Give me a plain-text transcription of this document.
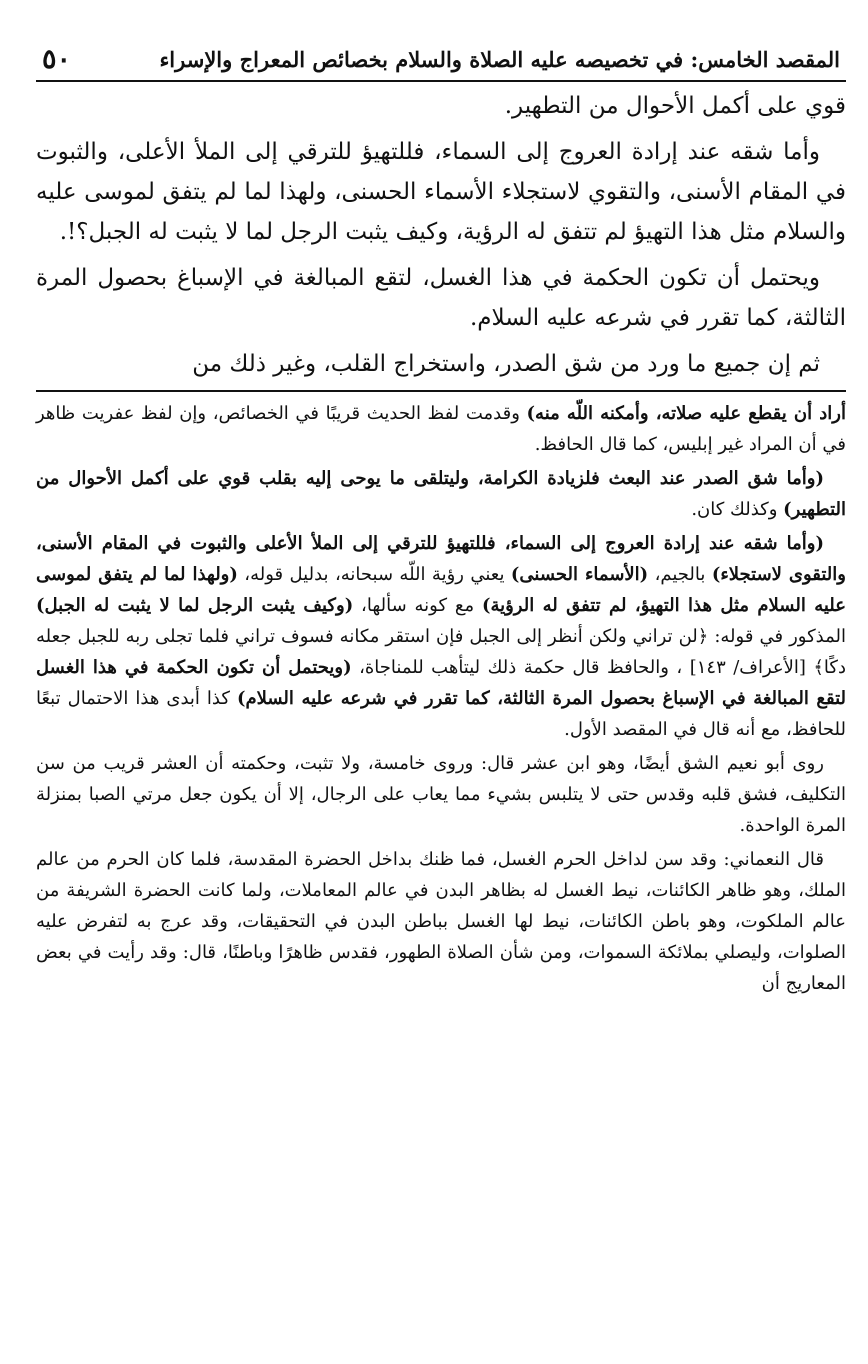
المقصد الخامس: في تخصيصه عليه الصلاة والسلام بخصائص المعراج والإسراء
٥٠

قوي على أكمل الأحوال من التطهير.

وأما شقه عند إرادة العروج إلى السماء، فللتهيؤ للترقي إلى الملأ الأعلى، والثبوت في المقام الأسنى، والتقوي لاستجلاء الأسماء الحسنى، ولهذا لما لم يتفق لموسى عليه والسلام مثل هذا التهيؤ لم تتفق له الرؤية، وكيف يثبت الرجل لما لا يثبت له الجبل؟!.

ويحتمل أن تكون الحكمة في هذا الغسل، لتقع المبالغة في الإسباغ بحصول المرة الثالثة، كما تقرر في شرعه عليه السلام.

ثم إن جميع ما ورد من شق الصدر، واستخراج القلب، وغير ذلك من

أراد أن يقطع عليه صلاته، وأمكنه اللّه منه) وقدمت لفظ الحديث قريبًا في الخصائص، وإن لفظ عفريت ظاهر في أن المراد غير إبليس، كما قال الحافظ.

(وأما شق الصدر عند البعث فلزيادة الكرامة، وليتلقى ما يوحى إليه بقلب قوي على أكمل الأحوال من التطهير) وكذلك كان.

(وأما شقه عند إرادة العروج إلى السماء، فللتهيؤ للترقي إلى الملأ الأعلى والثبوت في المقام الأسنى، والتقوى لاستجلاء) بالجيم، (الأسماء الحسنى) يعني رؤية اللّه سبحانه، بدليل قوله، (ولهذا لما لم يتفق لموسى عليه السلام مثل هذا التهيؤ، لم تتفق له الرؤية) مع كونه سألها، (وكيف يثبت الرجل لما لا يثبت له الجبل) المذكور في قوله: ﴿لن تراني ولكن أنظر إلى الجبل فإن استقر مكانه فسوف تراني فلما تجلى ربه للجبل جعله دكًا﴾ [الأعراف/ ١٤٣] ، والحافظ قال حكمة ذلك ليتأهب للمناجاة، (ويحتمل أن تكون الحكمة في هذا الغسل لتقع المبالغة في الإسباغ بحصول المرة الثالثة، كما تقرر في شرعه عليه السلام) كذا أبدى هذا الاحتمال تبعًا للحافظ، مع أنه قال في المقصد الأول.

روى أبو نعيم الشق أيضًا، وهو ابن عشر قال: وروى خامسة، ولا تثبت، وحكمته أن العشر قريب من سن التكليف، فشق قلبه وقدس حتى لا يتلبس بشيء مما يعاب على الرجال، إلا أن يكون جعل مرتي الصبا بمنزلة المرة الواحدة.

قال النعماني: وقد سن لداخل الحرم الغسل، فما ظنك بداخل الحضرة المقدسة، فلما كان الحرم من عالم الملك، وهو ظاهر الكائنات، نيط الغسل له بظاهر البدن في عالم المعاملات، ولما كانت الحضرة الشريفة من عالم الملكوت، وهو باطن الكائنات، نيط لها الغسل بباطن البدن في التحقيقات، وقد عرج به لتفرض عليه الصلوات، وليصلي بملائكة السموات، ومن شأن الصلاة الطهور، فقدس ظاهرًا وباطنًا، قال: وقد رأيت في بعض المعاريج أن
